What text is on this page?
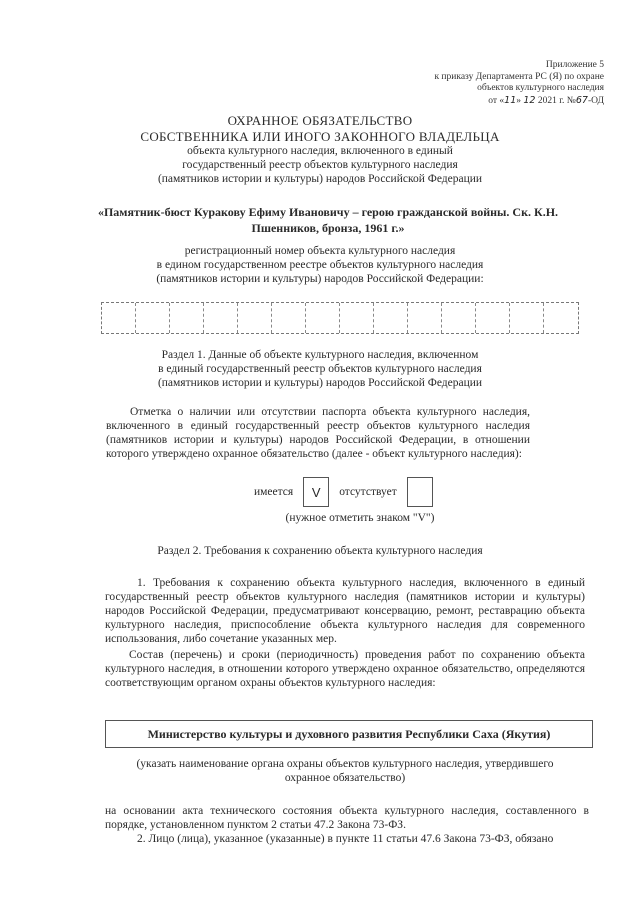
Приложение 5
к приказу Департамента РС (Я) по охране
объектов культурного наследия
от «11» 12 2021 г. №67-ОД
ОХРАННОЕ ОБЯЗАТЕЛЬСТВО
СОБСТВЕННИКА ИЛИ ИНОГО ЗАКОННОГО ВЛАДЕЛЬЦА
объекта культурного наследия, включенного в единый
государственный реестр объектов культурного наследия
(памятников истории и культуры) народов Российской Федерации
«Памятник-бюст Куракову Ефиму Ивановичу – герою гражданской войны. Ск. К.Н. Пшенников, бронза, 1961 г.»
регистрационный номер объекта культурного наследия
в едином государственном реестре объектов культурного наследия
(памятников истории и культуры) народов Российской Федерации:
Раздел 1. Данные об объекте культурного наследия, включенном
в единый государственный реестр объектов культурного наследия
(памятников истории и культуры) народов Российской Федерации
Отметка о наличии или отсутствии паспорта объекта культурного наследия, включенного в единый государственный реестр объектов культурного наследия (памятников истории и культуры) народов Российской Федерации, в отношении которого утверждено охранное обязательство (далее - объект культурного наследия):
имеется	V	отсутствует
(нужное отметить знаком "V")
Раздел 2. Требования к сохранению объекта культурного наследия
1. Требования к сохранению объекта культурного наследия, включенного в единый государственный реестр объектов культурного наследия (памятников истории и культуры) народов Российской Федерации, предусматривают консервацию, ремонт, реставрацию объекта культурного наследия, приспособление объекта культурного наследия для современного использования, либо сочетание указанных мер.
Состав (перечень) и сроки (периодичность) проведения работ по сохранению объекта культурного наследия, в отношении которого утверждено охранное обязательство, определяются соответствующим органом охраны объектов культурного наследия:
Министерство культуры и духовного развития Республики Саха (Якутия)
(указать наименование органа охраны объектов культурного наследия, утвердившего
охранное обязательство)
на основании акта технического состояния объекта культурного наследия, составленного в порядке, установленном пунктом 2 статьи 47.2 Закона 73-ФЗ.
2. Лицо (лица), указанное (указанные) в пункте 11 статьи 47.6 Закона 73-ФЗ, обязано
